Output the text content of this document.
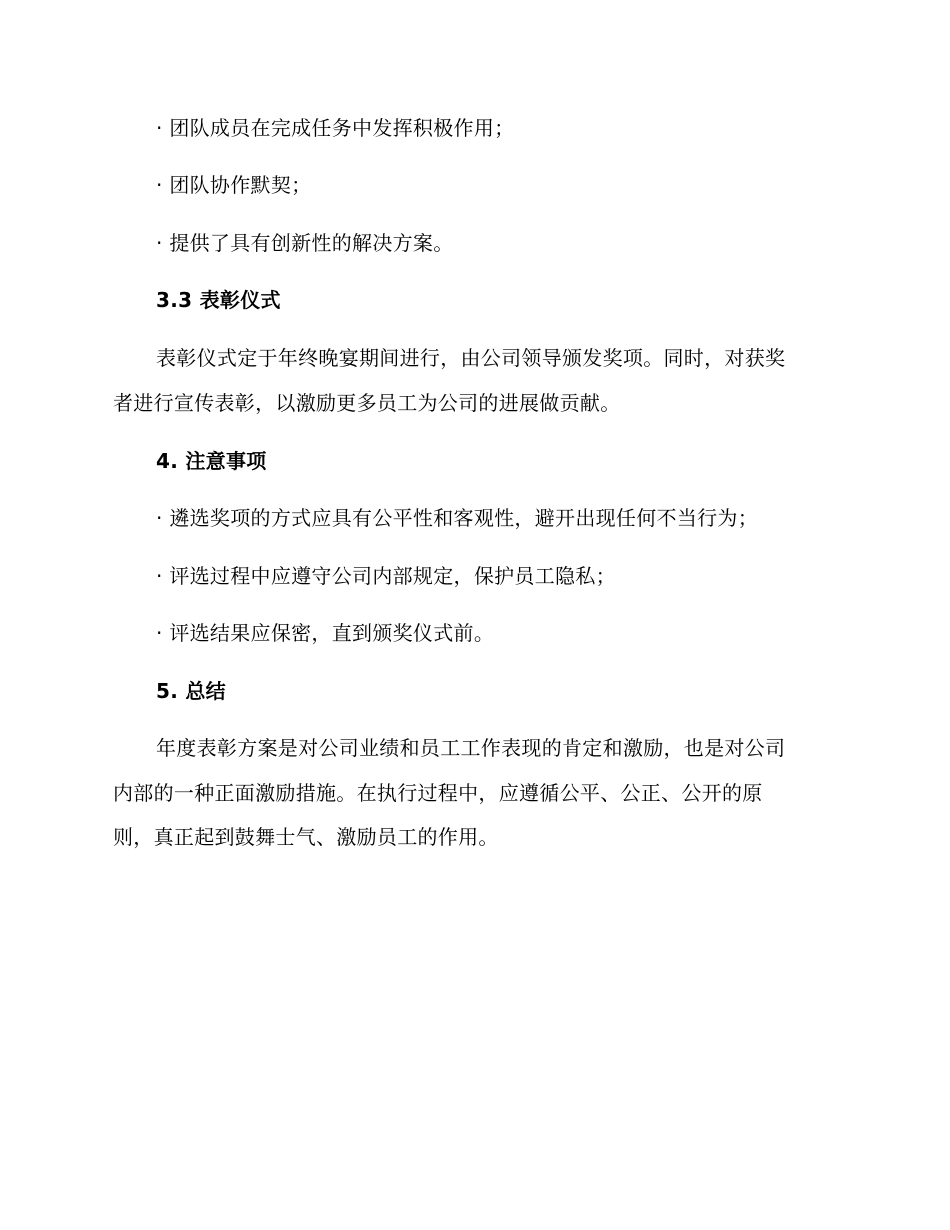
· 团队成员在完成任务中发挥积极作用；
· 团队协作默契；
· 提供了具有创新性的解决方案。
3.3 表彰仪式
表彰仪式定于年终晚宴期间进行，由公司领导颁发奖项。同时，对获奖
者进行宣传表彰，以激励更多员工为公司的进展做贡献。
4. 注意事项
· 遴选奖项的方式应具有公平性和客观性，避开出现任何不当行为；
· 评选过程中应遵守公司内部规定，保护员工隐私；
· 评选结果应保密，直到颁奖仪式前。
5. 总结
年度表彰方案是对公司业绩和员工工作表现的肯定和激励，也是对公司
内部的一种正面激励措施。在执行过程中，应遵循公平、公正、公开的原
则，真正起到鼓舞士气、激励员工的作用。
